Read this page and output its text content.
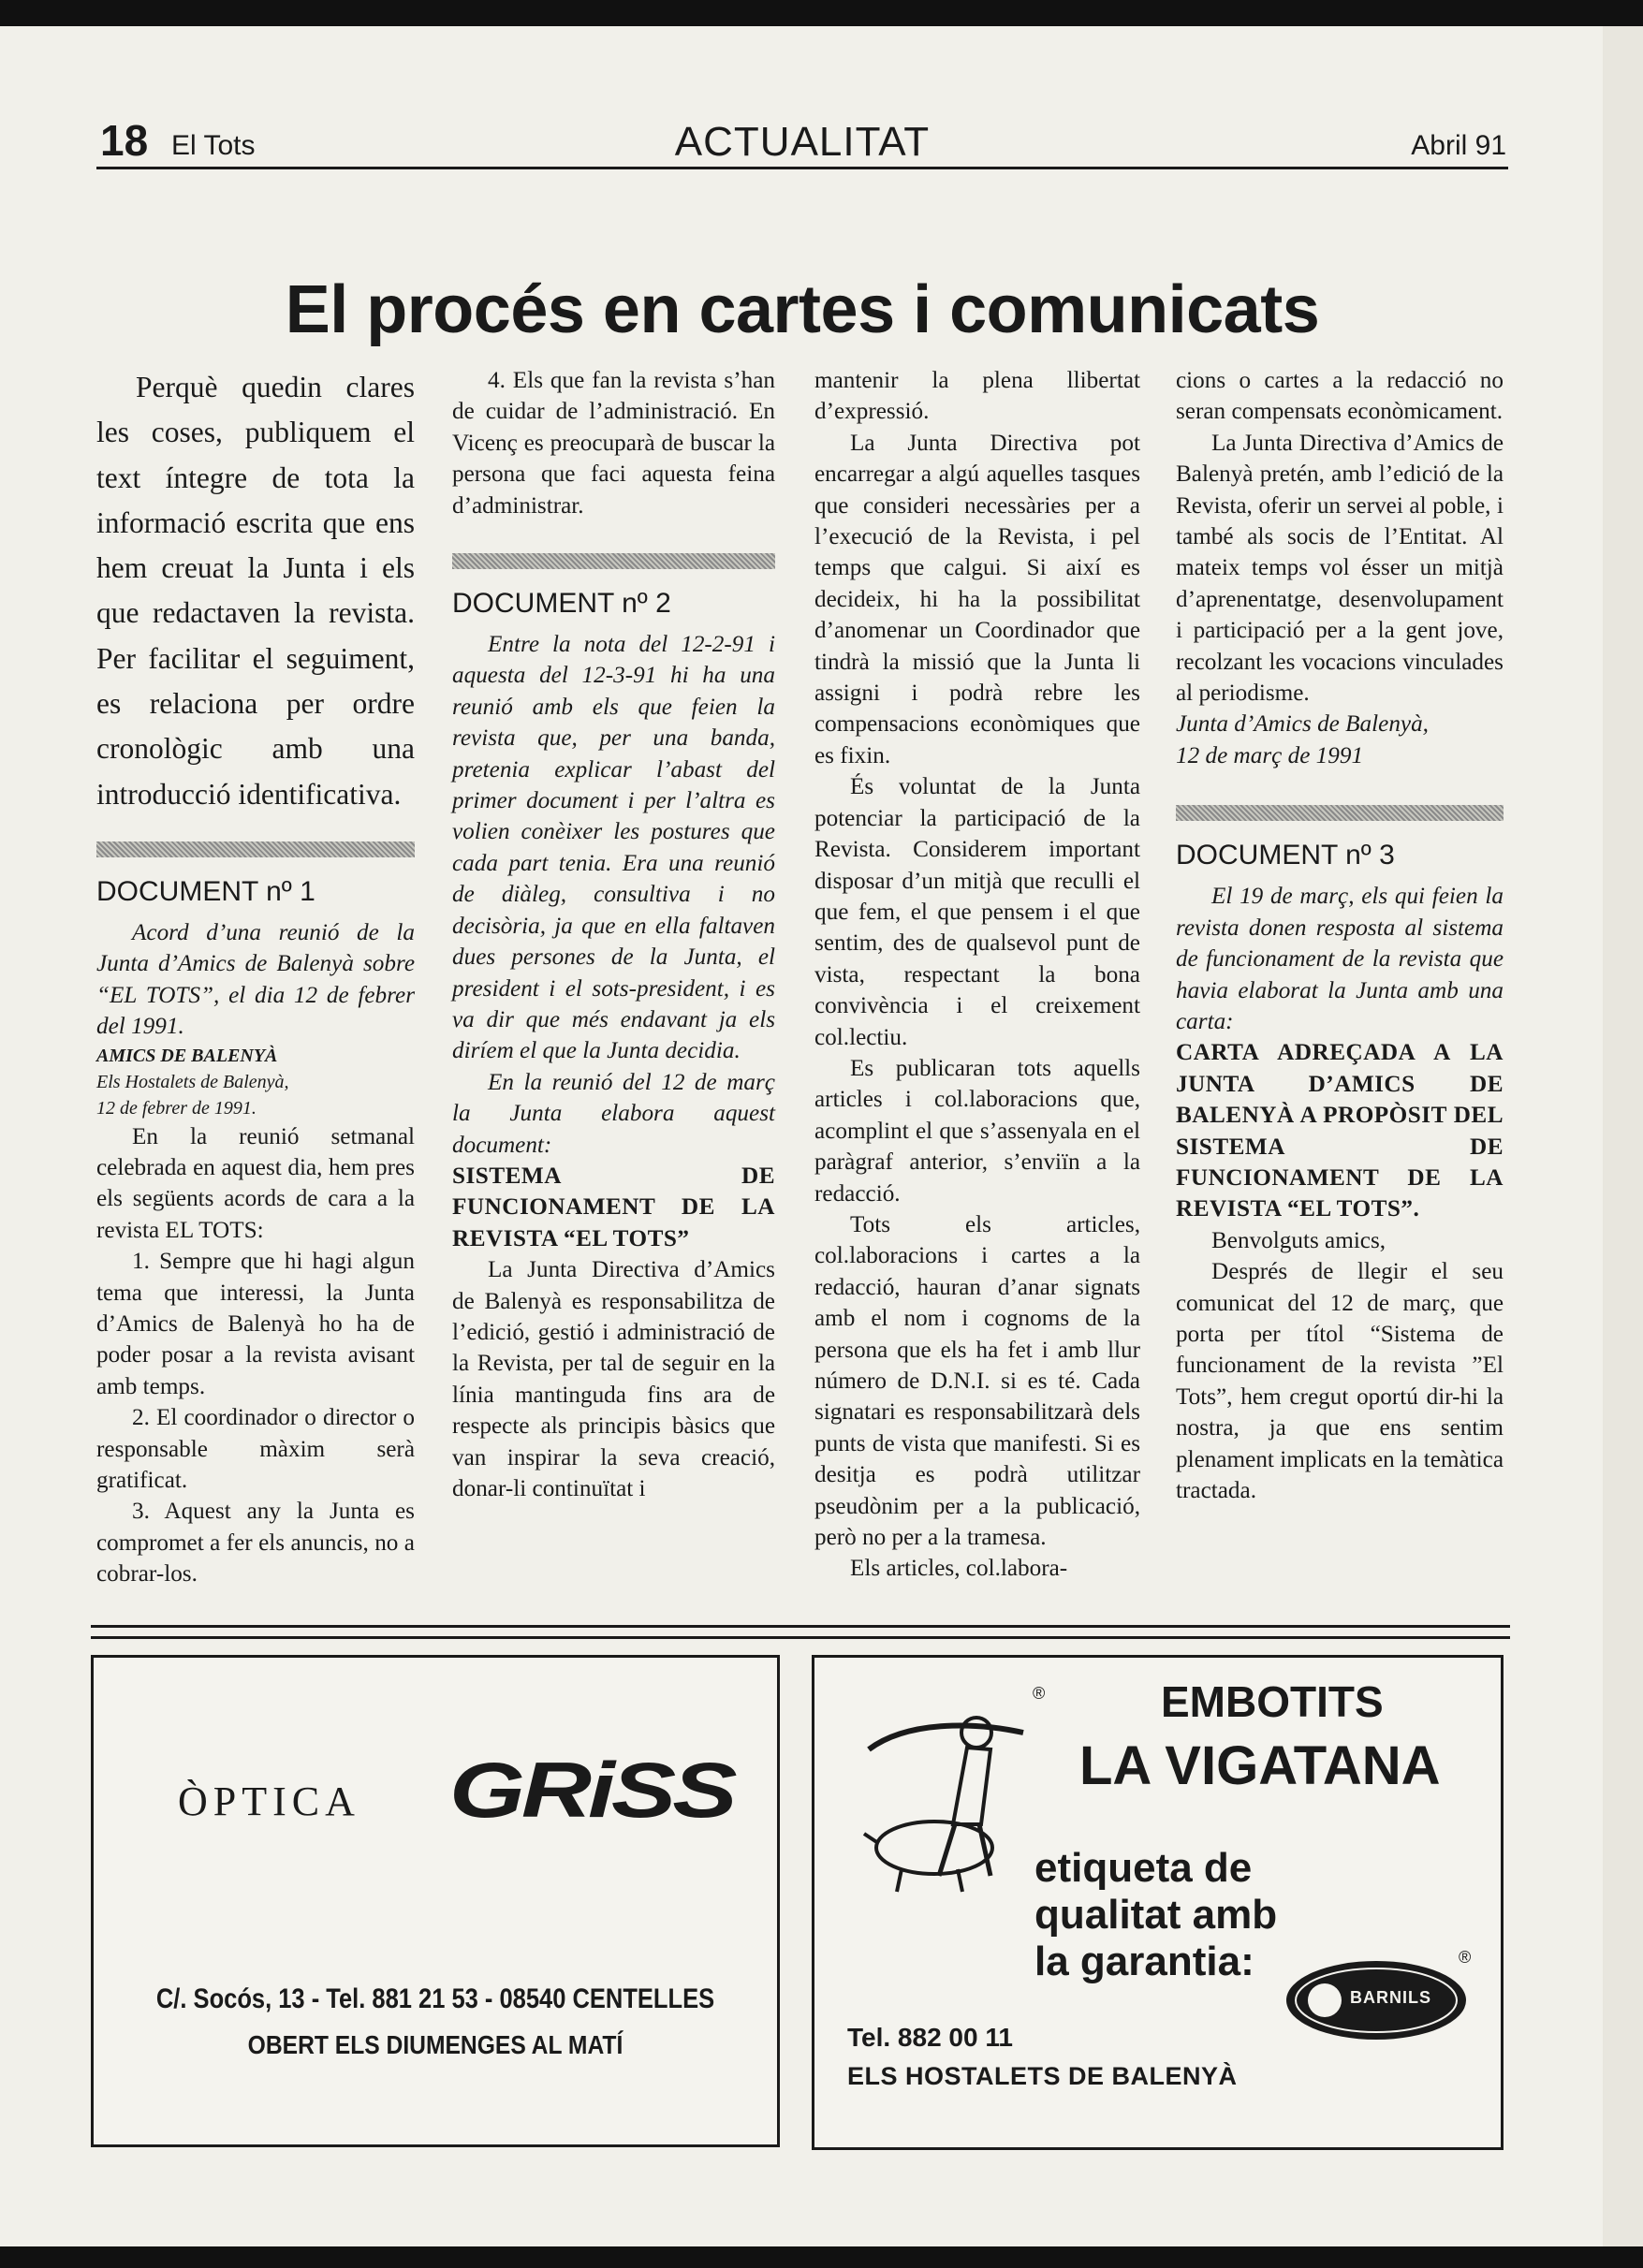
18 El Tots	ACTUALITAT	Abril 91
El procés en cartes i comunicats

Perquè quedin clares les coses, publiquem el text íntegre de tota la informació escrita que ens hem creuat la Junta i els que redactaven la revista. Per facilitar el seguiment, es relaciona per ordre cronològic amb una introducció identificativa.

DOCUMENT nº 1

Acord d’una reunió de la Junta d’Amics de Balenyà sobre “EL TOTS”, el dia 12 de febrer del 1991.

AMICS DE BALENYÀ

Els Hostalets de Balenyà,

12 de febrer de 1991.

En la reunió setmanal celebrada en aquest dia, hem pres els següents acords de cara a la revista EL TOTS:

1. Sempre que hi hagi algun tema que interessi, la Junta d’Amics de Balenyà ho ha de poder posar a la revista avisant amb temps.

2. El coordinador o director o responsable màxim serà gratificat.

3. Aquest any la Junta es compromet a fer els anuncis, no a cobrar-los.

4. Els que fan la revista s’han de cuidar de l’administració. En Vicenç es preocuparà de buscar la persona que faci aquesta feina d’administrar.

DOCUMENT nº 2

Entre la nota del 12-2-91 i aquesta del 12-3-91 hi ha una reunió amb els que feien la revista que, per una banda, pretenia explicar l’abast del primer document i per l’altra es volien conèixer les postures que cada part tenia. Era una reunió de diàleg, consultiva i no decisòria, ja que en ella faltaven dues persones de la Junta, el president i el sots-president, i es va dir que més endavant ja els diríem el que la Junta decidia.

En la reunió del 12 de març la Junta elabora aquest document:

SISTEMA DE FUNCIONAMENT DE LA REVISTA “EL TOTS”

La Junta Directiva d’Amics de Balenyà es responsabilitza de l’edició, gestió i administració de la Revista, per tal de seguir en la línia mantinguda fins ara de respecte als principis bàsics que van inspirar la seva creació, donar-li continuïtat i

mantenir la plena llibertat d’expressió.

La Junta Directiva pot encarregar a algú aquelles tasques que consideri necessàries per a l’execució de la Revista, i pel temps que calgui. Si així es decideix, hi ha la possibilitat d’anomenar un Coordinador que tindrà la missió que la Junta li assigni i podrà rebre les compensacions econòmiques que es fixin.

És voluntat de la Junta potenciar la participació de la Revista. Considerem important disposar d’un mitjà que reculli el que fem, el que pensem i el que sentim, des de qualsevol punt de vista, respectant la bona convivència i el creixement col.lectiu.

Es publicaran tots aquells articles i col.laboracions que, acomplint el que s’assenyala en el paràgraf anterior, s’enviïn a la redacció.

Tots els articles, col.laboracions i cartes a la redacció, hauran d’anar signats amb el nom i cognoms de la persona que els ha fet i amb llur número de D.N.I. si es té. Cada signatari es responsabilitzarà dels punts de vista que manifesti. Si es desitja es podrà utilitzar pseudònim per a la publicació, però no per a la tramesa.

Els articles, col.labora-

cions o cartes a la redacció no seran compensats econòmicament.

La Junta Directiva d’Amics de Balenyà pretén, amb l’edició de la Revista, oferir un servei al poble, i també als socis de l’Entitat. Al mateix temps vol ésser un mitjà d’aprenentatge, desenvolupament i participació per a la gent jove, recolzant les vocacions vinculades al periodisme.

Junta d’Amics de Balenyà,

12 de març de 1991

DOCUMENT nº 3

El 19 de març, els qui feien la revista donen resposta al sistema de funcionament de la revista que havia elaborat la Junta amb una carta:

CARTA ADREÇADA A LA JUNTA D’AMICS DE BALENYÀ A PROPÒSIT DEL SISTEMA DE FUNCIONAMENT DE LA REVISTA “EL TOTS”.

Benvolguts amics,

Després de llegir el seu comunicat del 12 de març, que porta per títol “Sistema de funcionament de la revista ”El Tots”, hem cregut oportú dir-hi la nostra, ja que ens sentim plenament implicats en la temàtica tractada.

ÒPTICA GRiSS
C/. Socós, 13 - Tel. 881 21 53 - 08540 CENTELLES
OBERT ELS DIUMENGES AL MATÍ
®	EMBOTITS
LA VIGATANA
etiqueta de
qualitat amb
la garantia:
BARNILS
®
Tel. 882 00 11
ELS HOSTALETS DE BALENYÀ
